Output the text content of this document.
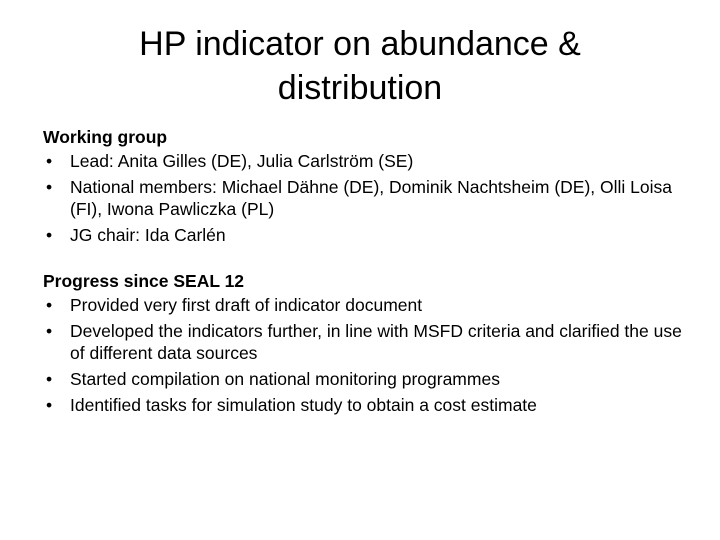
HP indicator on abundance & distribution
Working group
• Lead: Anita Gilles (DE), Julia Carlström (SE)
• National members: Michael Dähne (DE), Dominik Nachtsheim (DE), Olli Loisa (FI), Iwona Pawliczka (PL)
• JG chair: Ida Carlén
Progress since SEAL 12
• Provided very first draft of indicator document
• Developed the indicators further, in line with MSFD criteria and clarified the use of different data sources
• Started compilation on national monitoring programmes
• Identified tasks for simulation study to obtain a cost estimate
